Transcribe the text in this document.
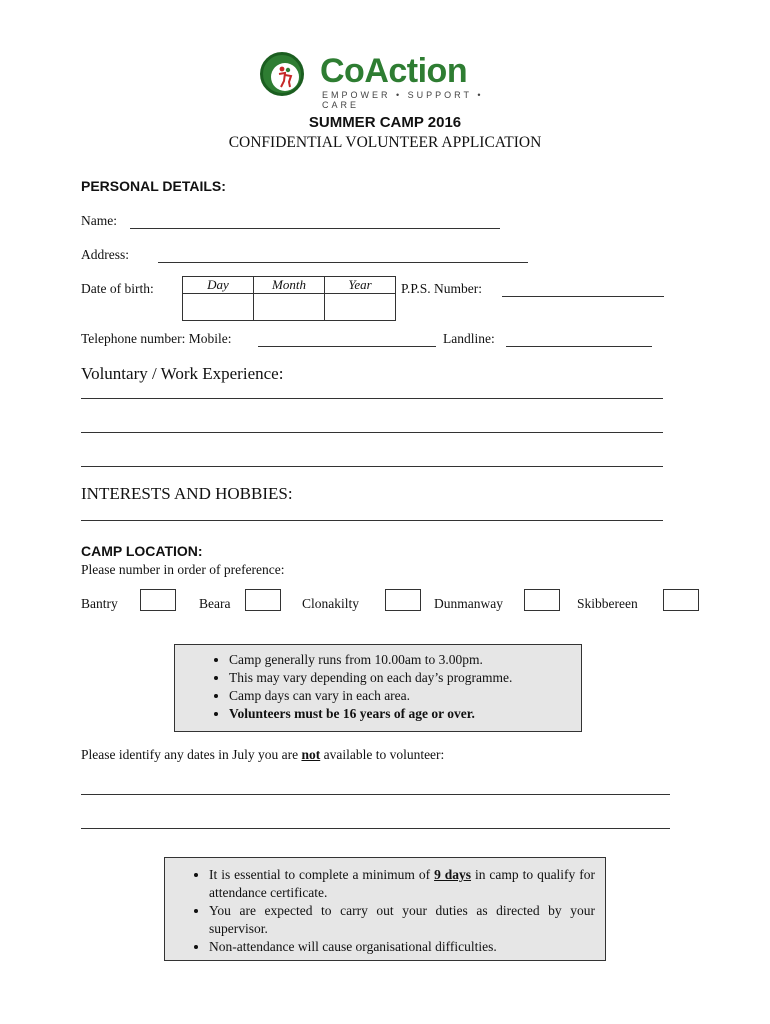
CoAction
EMPOWER • SUPPORT • CARE
SUMMER CAMP 2016
CONFIDENTIAL VOLUNTEER APPLICATION
PERSONAL DETAILS:
Name:
Address:
Date of birth:	Day	Month	Year
		P.P.S. Number:
Telephone number: Mobile:	Landline:
Voluntary / Work Experience:
INTERESTS AND HOBBIES:
CAMP LOCATION:
Please number in order of preference:
Bantry	Beara	Clonakilty	Dunmanway	Skibbereen
• Camp generally runs from 10.00am to 3.00pm.
• This may vary depending on each day’s programme.
• Camp days can vary in each area.
• Volunteers must be 16 years of age or over.
Please identify any dates in July you are not available to volunteer:
• It is essential to complete a minimum of 9 days in camp to qualify for attendance certificate.
• You are expected to carry out your duties as directed by your supervisor.
• Non-attendance will cause organisational difficulties.
